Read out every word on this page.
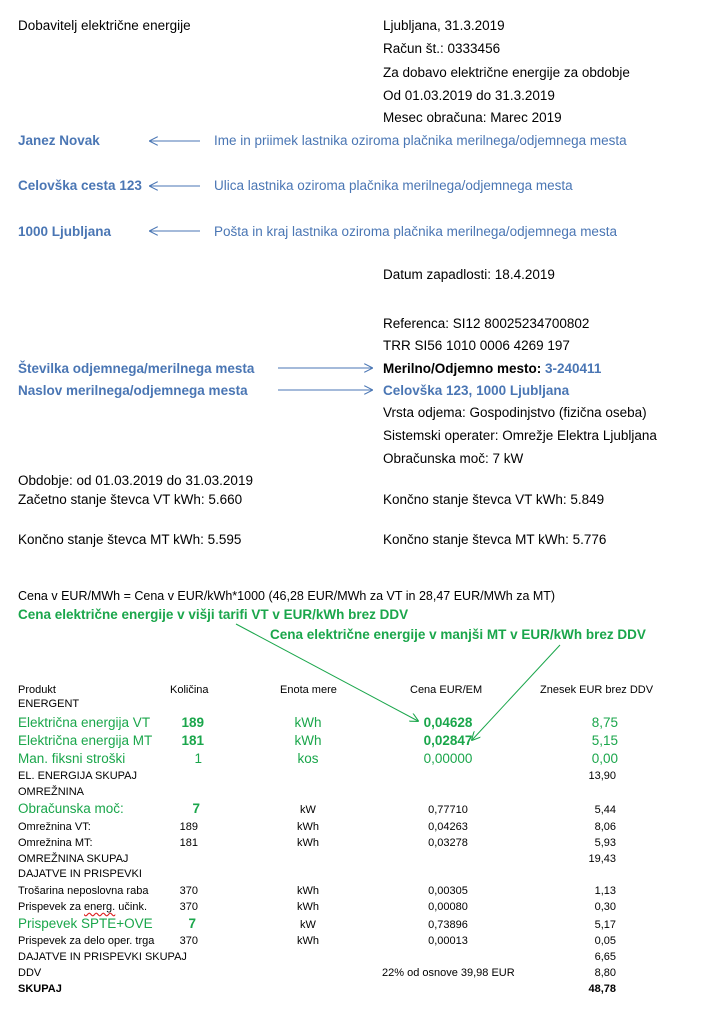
Dobavitelj električne energije	Ljubljana, 31.3.2019
Račun št.: 0333456
Za dobavo električne energije za obdobje
Od 01.03.2019 do 31.3.2019
Mesec obračuna: Marec 2019
Janez Novak	Ime in priimek lastnika oziroma plačnika merilnega/odjemnega mesta
Celovška cesta 123	Ulica lastnika oziroma plačnika merilnega/odjemnega mesta
1000 Ljubljana	Pošta in kraj lastnika oziroma plačnika merilnega/odjemnega mesta
Datum zapadlosti: 18.4.2019
Referenca: SI12 80025234700802
TRR SI56 1010 0006 4269 197
Številka odjemnega/merilnega mesta	Merilno/Odjemno mesto: 3-240411
Naslov merilnega/odjemnega mesta	Celovška 123, 1000 Ljubljana
Vrsta odjema: Gospodinjstvo (fizična oseba)
Sistemski operater: Omrežje Elektra Ljubljana
Obračunska moč: 7 kW
Obdobje: od 01.03.2019 do 31.03.2019
Začetno stanje števca VT kWh: 5.660	Končno stanje števca VT kWh: 5.849
Končno stanje števca MT kWh: 5.595	Končno stanje števca MT kWh: 5.776
Cena v EUR/MWh = Cena v EUR/kWh*1000 (46,28 EUR/MWh za VT in 28,47 EUR/MWh za MT)
Cena električne energije v višji tarifi VT v EUR/kWh brez DDV
Cena električne energije v manjši MT v EUR/kWh brez DDV
Produkt	Količina	Enota mere	Cena EUR/EM	Znesek EUR brez DDV
ENERGENT
Električna energija VT	189	kWh	0,04628	8,75
Električna energija MT	181	kWh	0,02847	5,15
Man. fiksni stroški	1	kos	0,00000	0,00
EL. ENERGIJA SKUPAJ	13,90
OMREŽNINA
Obračunska moč:	7	kW	0,77710	5,44
Omrežnina VT:	189	kWh	0,04263	8,06
Omrežnina MT:	181	kWh	0,03278	5,93
OMREŽNINA SKUPAJ	19,43
DAJATVE IN PRISPEVKI
Trošarina neposlovna raba	370	kWh	0,00305	1,13
Prispevek za energ. učink.	370	kWh	0,00080	0,30
Prispevek SPTE+OVE	7	kW	0,73896	5,17
Prispevek za delo oper. trga	370	kWh	0,00013	0,05
DAJATVE IN PRISPEVKI SKUPAJ	6,65
DDV	22% od osnove 39,98 EUR	8,80
SKUPAJ	48,78
